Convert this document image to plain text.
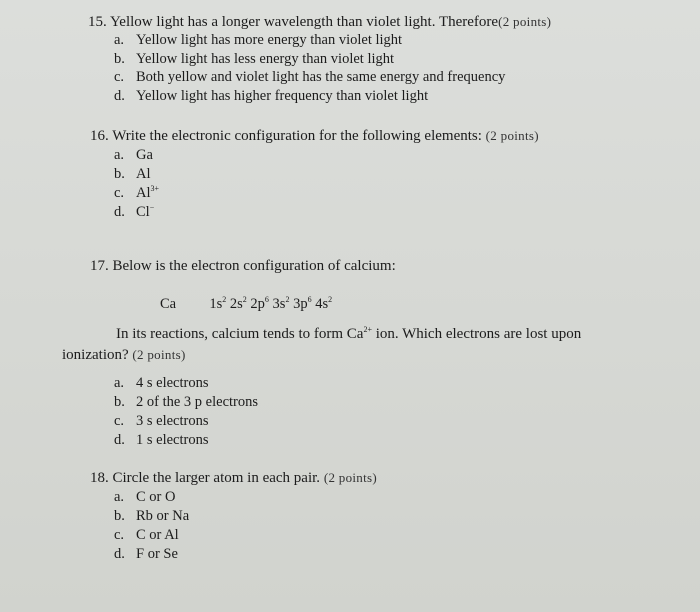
15. Yellow light has a longer wavelength than violet light. Therefore(2 points)
a. Yellow light has more energy than violet light
b. Yellow light has less energy than violet light
c. Both yellow and violet light has the same energy and frequency
d. Yellow light has higher frequency than violet light
16. Write the electronic configuration for the following elements: (2 points)
a. Ga
b. Al
c. $Al^{3+}$
d. Cl−
17. Below is the electron configuration of calcium:
Ca $1s^2$ $2s^2$ $2p^6$ $3s^2$ $3p^6$ $4s^2$
In its reactions, calcium tends to form $Ca^{2+}$ ion. Which electrons are lost upon
ionization? (2 points)
a. 4 s electrons
b. 2 of the 3 p electrons
c. 3 s electrons
d. 1 s electrons
18. Circle the larger atom in each pair. (2 points)
a. C or O
b. Rb or Na
c. C or Al
d. F or Se
